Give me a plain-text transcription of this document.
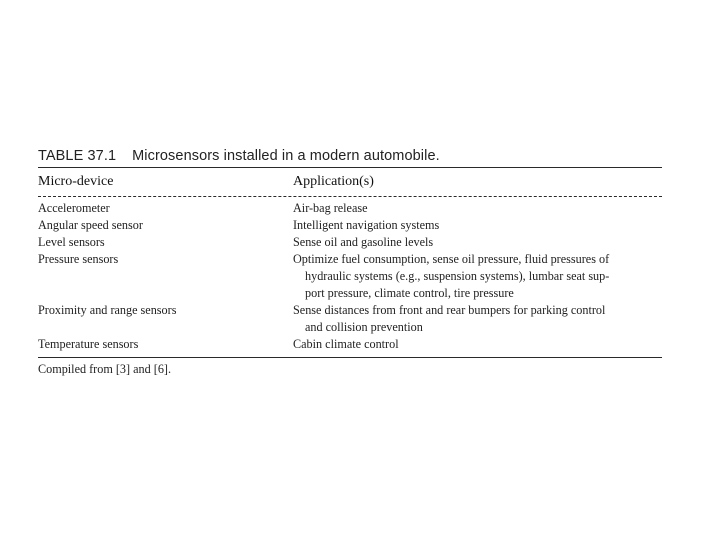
TABLE 37.1 Microsensors installed in a modern automobile.
Micro-device	Application(s)
Accelerometer	Air-bag release
Angular speed sensor	Intelligent navigation systems
Level sensors	Sense oil and gasoline levels
Pressure sensors	Optimize fuel consumption, sense oil pressure, fluid pressures of
hydraulic systems (e.g., suspension systems), lumbar seat sup-
port pressure, climate control, tire pressure
Proximity and range sensors	Sense distances from front and rear bumpers for parking control
and collision prevention
Temperature sensors	Cabin climate control
Compiled from [3] and [6].
